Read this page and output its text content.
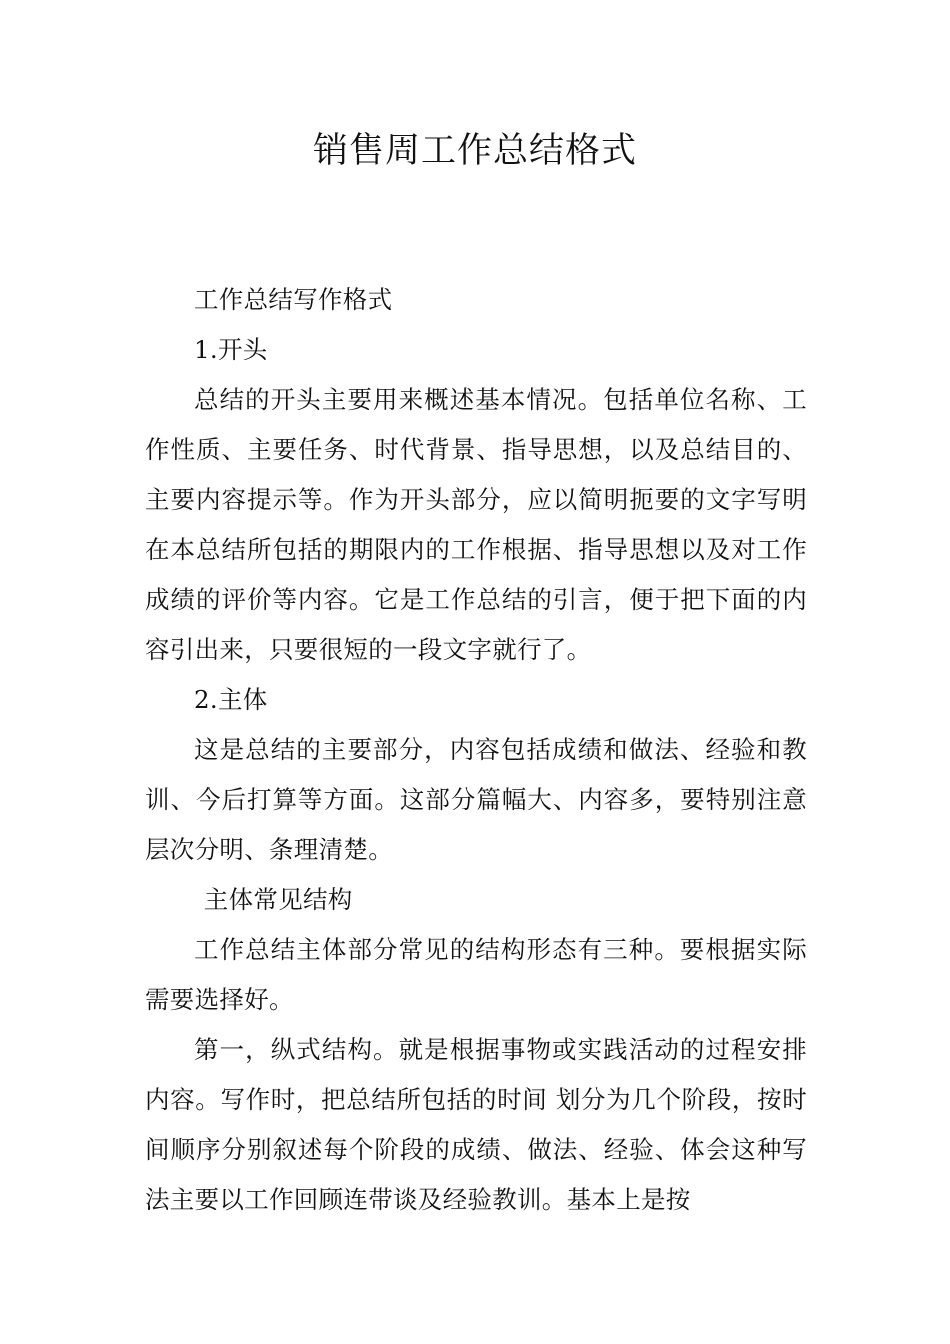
销售周工作总结格式

工作总结写作格式

1.开头

总结的开头主要用来概述基本情况。包括单位名称、工作性质、主要任务、时代背景、指导思想，以及总结目的、主要内容提示等。作为开头部分，应以简明扼要的文字写明在本总结所包括的期限内的工作根据、指导思想以及对工作成绩的评价等内容。它是工作总结的引言，便于把下面的内容引出来，只要很短的一段文字就行了。

2.主体

这是总结的主要部分，内容包括成绩和做法、经验和教训、今后打算等方面。这部分篇幅大、内容多，要特别注意层次分明、条理清楚。

主体常见结构

工作总结主体部分常见的结构形态有三种。要根据实际需要选择好。

第一，纵式结构。就是根据事物或实践活动的过程安排内容。写作时，把总结所包括的时间 划分为几个阶段，按时间顺序分别叙述每个阶段的成绩、做法、经验、体会这种写法主要以工作回顾连带谈及经验教训。基本上是按
